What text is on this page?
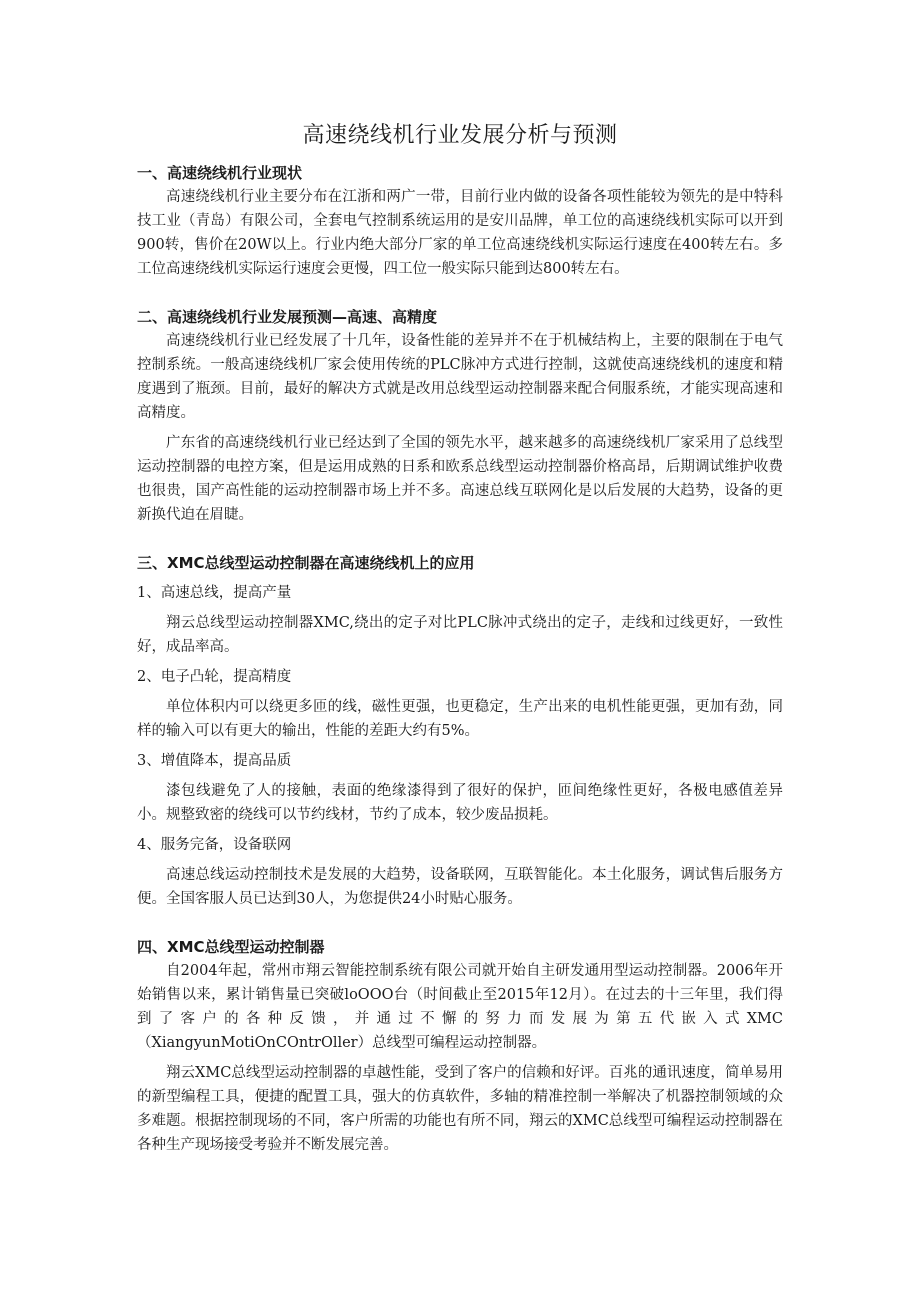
高速绕线机行业发展分析与预测
一、高速绕线机行业现状

高速绕线机行业主要分布在江浙和两广一带，目前行业内做的设备各项性能较为领先的是中特科技工业（青岛）有限公司，全套电气控制系统运用的是安川品牌，单工位的高速绕线机实际可以开到900转，售价在20W以上。行业内绝大部分厂家的单工位高速绕线机实际运行速度在400转左右。多工位高速绕线机实际运行速度会更慢，四工位一般实际只能到达800转左右。

二、高速绕线机行业发展预测—高速、高精度

高速绕线机行业已经发展了十几年，设备性能的差异并不在于机械结构上，主要的限制在于电气控制系统。一般高速绕线机厂家会使用传统的PLC脉冲方式进行控制，这就使高速绕线机的速度和精度遇到了瓶颈。目前，最好的解决方式就是改用总线型运动控制器来配合伺服系统，才能实现高速和高精度。

广东省的高速绕线机行业已经达到了全国的领先水平，越来越多的高速绕线机厂家采用了总线型运动控制器的电控方案，但是运用成熟的日系和欧系总线型运动控制器价格高昂，后期调试维护收费也很贵，国产高性能的运动控制器市场上并不多。高速总线互联网化是以后发展的大趋势，设备的更新换代迫在眉睫。

三、XMC总线型运动控制器在高速绕线机上的应用

1、高速总线，提高产量

翔云总线型运动控制器XMC,绕出的定子对比PLC脉冲式绕出的定子，走线和过线更好，一致性好，成品率高。

2、电子凸轮，提高精度

单位体积内可以绕更多匝的线，磁性更强，也更稳定，生产出来的电机性能更强，更加有劲，同样的输入可以有更大的输出，性能的差距大约有5%。

3、增值降本，提高品质

漆包线避免了人的接触，表面的绝缘漆得到了很好的保护，匝间绝缘性更好，各极电感值差异小。规整致密的绕线可以节约线材，节约了成本，较少废品损耗。

4、服务完备，设备联网

高速总线运动控制技术是发展的大趋势，设备联网，互联智能化。本土化服务，调试售后服务方便。全国客服人员已达到30人，为您提供24小时贴心服务。

四、XMC总线型运动控制器

自2004年起，常州市翔云智能控制系统有限公司就开始自主研发通用型运动控制器。2006年开始销售以来，累计销售量已突破loOOO台（时间截止至2015年12月）。在过去的十三年里，我们得到了客户的各种反馈，并通过不懈的努力而发展为第五代嵌入式XMC（XiangyunMotiOnCOntrOller）总线型可编程运动控制器。

翔云XMC总线型运动控制器的卓越性能，受到了客户的信赖和好评。百兆的通讯速度，简单易用的新型编程工具，便捷的配置工具，强大的仿真软件，多轴的精准控制一举解决了机器控制领域的众多难题。根据控制现场的不同，客户所需的功能也有所不同，翔云的XMC总线型可编程运动控制器在各种生产现场接受考验并不断发展完善。
